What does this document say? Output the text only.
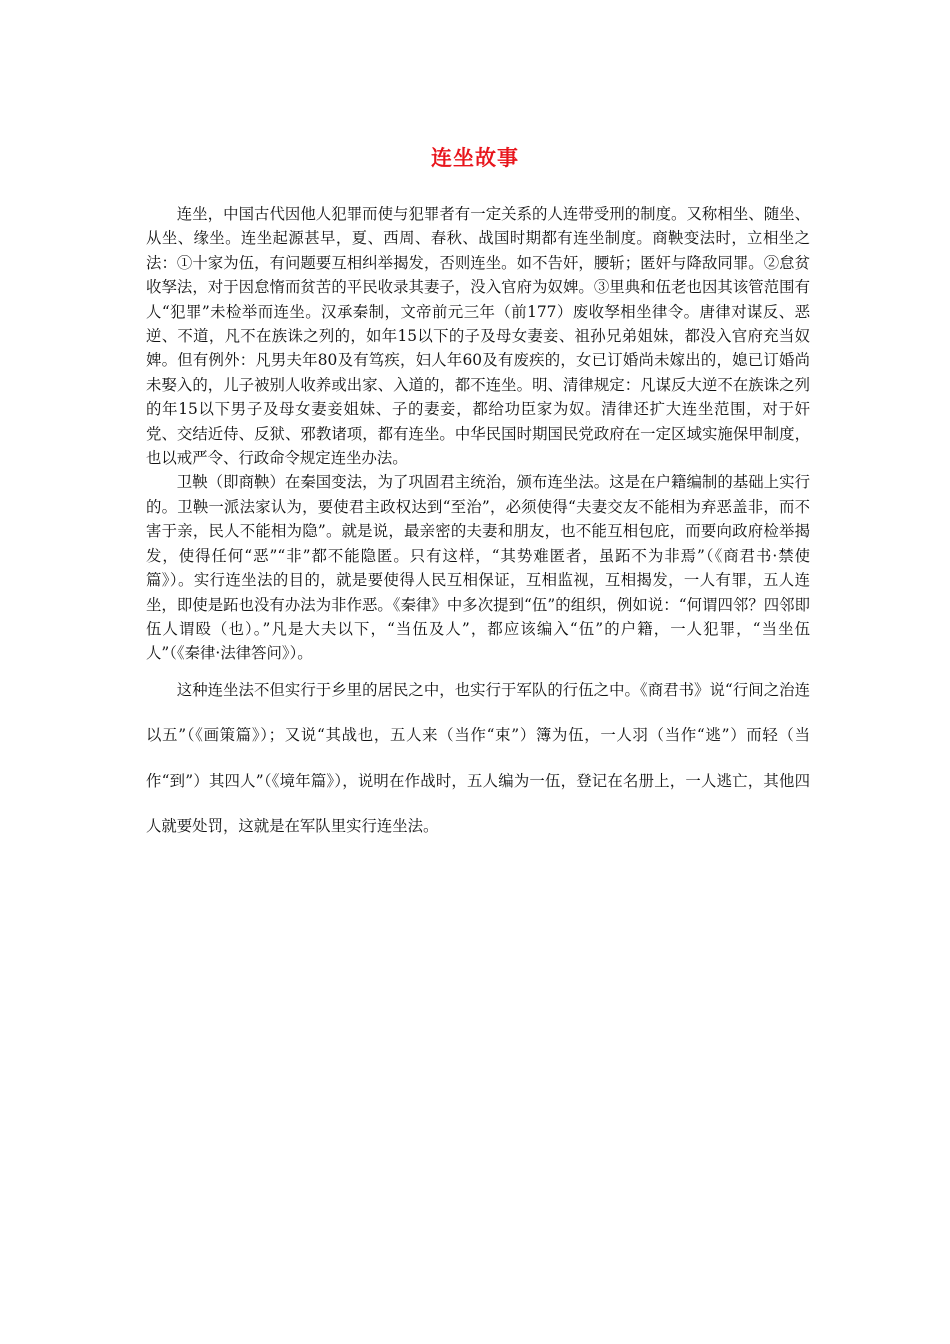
连坐故事

连坐，中国古代因他人犯罪而使与犯罪者有一定关系的人连带受刑的制度。又称相坐、随坐、从坐、缘坐。连坐起源甚早，夏、西周、春秋、战国时期都有连坐制度。商鞅变法时，立相坐之法：①十家为伍，有问题要互相纠举揭发，否则连坐。如不告奸，腰斩；匿奸与降敌同罪。②怠贫收孥法，对于因怠惰而贫苦的平民收录其妻子，没入官府为奴婢。③里典和伍老也因其该管范围有人“犯罪”未检举而连坐。汉承秦制，文帝前元三年（前177）废收孥相坐律令。唐律对谋反、恶逆、不道，凡不在族诛之列的，如年15以下的子及母女妻妾、祖孙兄弟姐妹，都没入官府充当奴婢。但有例外：凡男夫年80及有笃疾，妇人年60及有废疾的，女已订婚尚未嫁出的，媳已订婚尚未娶入的，儿子被别人收养或出家、入道的，都不连坐。明、清律规定：凡谋反大逆不在族诛之列的年15以下男子及母女妻妾姐妹、子的妻妾，都给功臣家为奴。清律还扩大连坐范围，对于奸党、交结近侍、反狱、邪教诸项，都有连坐。中华民国时期国民党政府在一定区域实施保甲制度，也以戒严令、行政命令规定连坐办法。

卫鞅（即商鞅）在秦国变法，为了巩固君主统治，颁布连坐法。这是在户籍编制的基础上实行的。卫鞅一派法家认为，要使君主政权达到“至治”，必须使得“夫妻交友不能相为弃恶盖非，而不害于亲，民人不能相为隐”。就是说，最亲密的夫妻和朋友，也不能互相包庇，而要向政府检举揭发，使得任何“恶”“非”都不能隐匿。只有这样，“其势难匿者，虽跖不为非焉”（《商君书·禁使篇》）。实行连坐法的目的，就是要使得人民互相保证，互相监视，互相揭发，一人有罪，五人连坐，即使是跖也没有办法为非作恶。《秦律》中多次提到“伍”的组织，例如说：“何谓四邻？四邻即伍人谓殴（也）。”凡是大夫以下，“当伍及人”，都应该编入“伍”的户籍，一人犯罪，“当坐伍人”（《秦律·法律答问》）。

这种连坐法不但实行于乡里的居民之中，也实行于军队的行伍之中。《商君书》说“行间之治连以五”（《画策篇》）；又说“其战也，五人来（当作“束”）簿为伍，一人羽（当作“逃”）而轻（当作“到”）其四人”（《境年篇》），说明在作战时，五人编为一伍，登记在名册上，一人逃亡，其他四人就要处罚，这就是在军队里实行连坐法。
